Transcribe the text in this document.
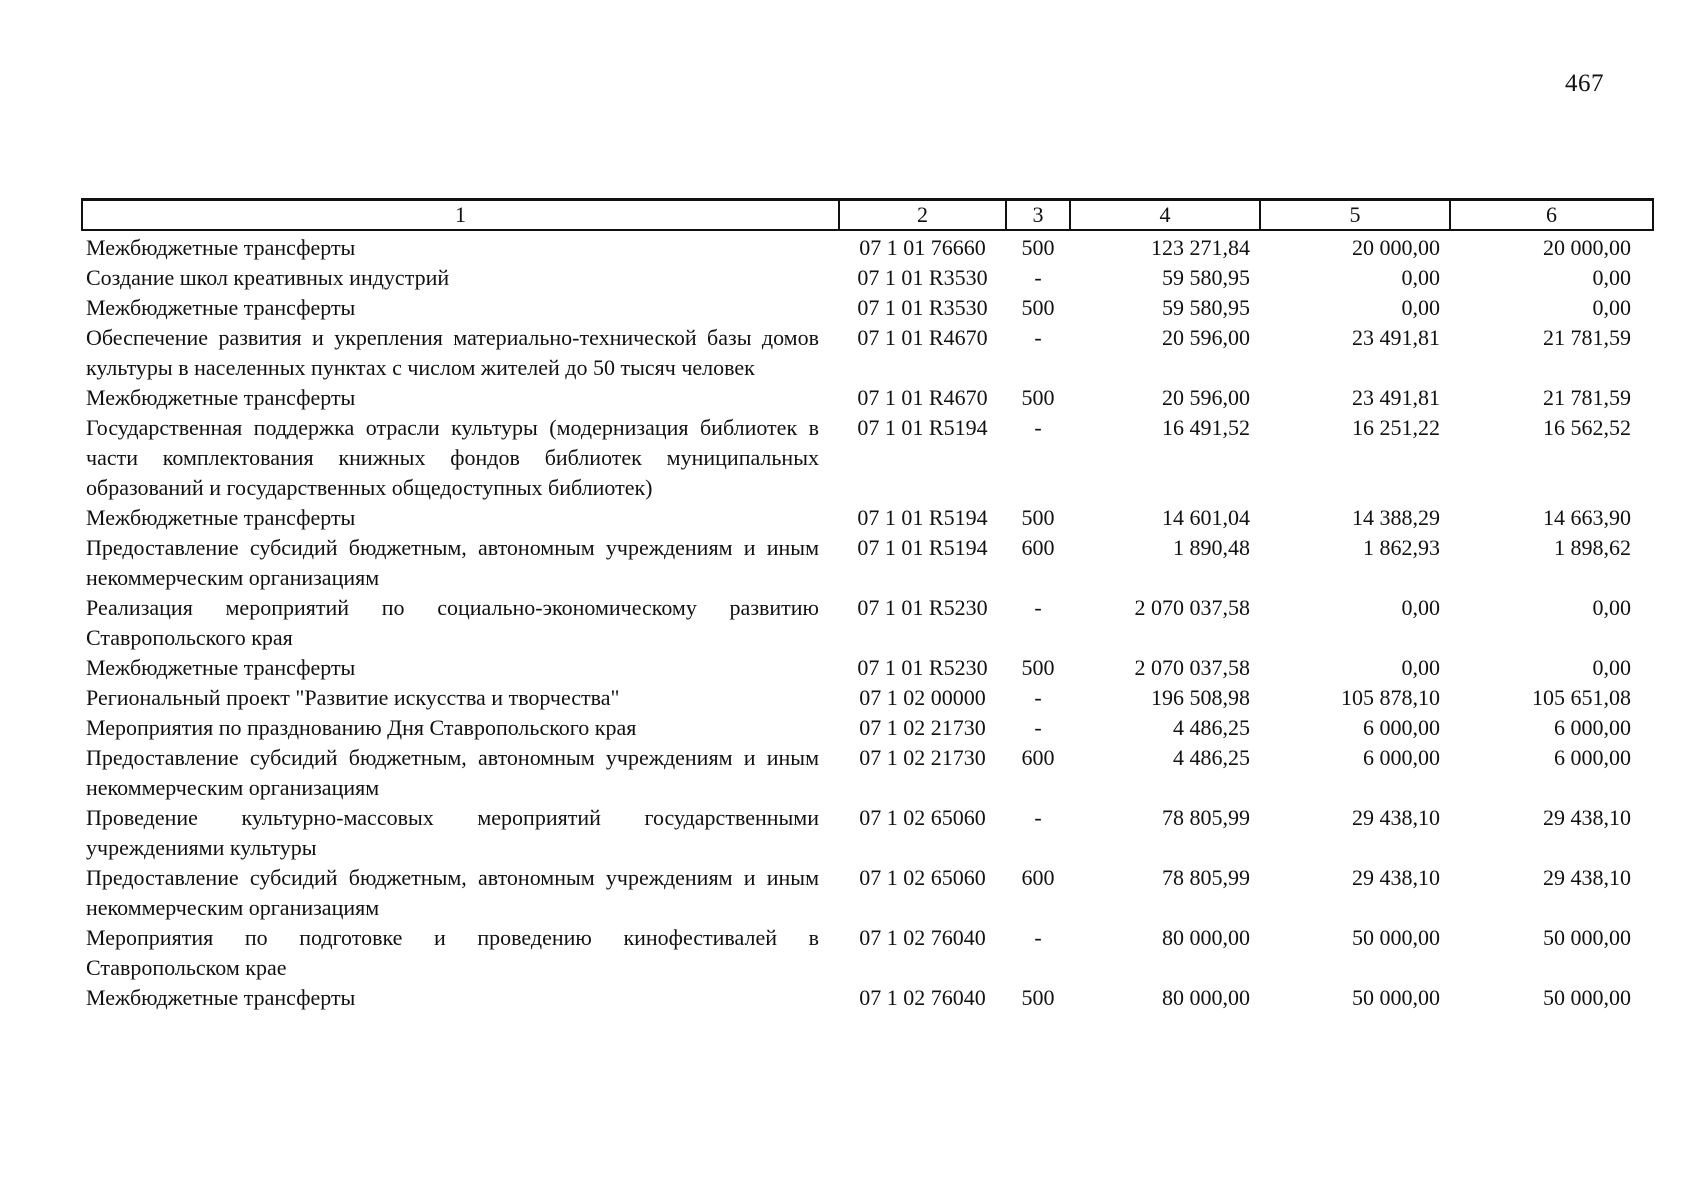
467
1	2	3	4	5	6
Межбюджетные трансферты	07 1 01 76660	500	123 271,84	20 000,00	20 000,00
Создание школ креативных индустрий	07 1 01 R3530	-	59 580,95	0,00	0,00
Межбюджетные трансферты	07 1 01 R3530	500	59 580,95	0,00	0,00
Обеспечение развития и укрепления материально-технической базы домов культуры в населенных пунктах с числом жителей до 50 тысяч человек	07 1 01 R4670	-	20 596,00	23 491,81	21 781,59
Межбюджетные трансферты	07 1 01 R4670	500	20 596,00	23 491,81	21 781,59
Государственная поддержка отрасли культуры (модернизация библиотек в части комплектования книжных фондов библиотек муниципальных образований и государственных общедоступных библиотек)	07 1 01 R5194	-	16 491,52	16 251,22	16 562,52
Межбюджетные трансферты	07 1 01 R5194	500	14 601,04	14 388,29	14 663,90
Предоставление субсидий бюджетным, автономным учреждениям и иным некоммерческим организациям	07 1 01 R5194	600	1 890,48	1 862,93	1 898,62
Реализация мероприятий по социально-экономическому развитию Ставропольского края	07 1 01 R5230	-	2 070 037,58	0,00	0,00
Межбюджетные трансферты	07 1 01 R5230	500	2 070 037,58	0,00	0,00
Региональный проект "Развитие искусства и творчества"	07 1 02 00000	-	196 508,98	105 878,10	105 651,08
Мероприятия по празднованию Дня Ставропольского края	07 1 02 21730	-	4 486,25	6 000,00	6 000,00
Предоставление субсидий бюджетным, автономным учреждениям и иным некоммерческим организациям	07 1 02 21730	600	4 486,25	6 000,00	6 000,00
Проведение культурно-массовых мероприятий государственными учреждениями культуры	07 1 02 65060	-	78 805,99	29 438,10	29 438,10
Предоставление субсидий бюджетным, автономным учреждениям и иным некоммерческим организациям	07 1 02 65060	600	78 805,99	29 438,10	29 438,10
Мероприятия по подготовке и проведению кинофестивалей в Ставропольском крае	07 1 02 76040	-	80 000,00	50 000,00	50 000,00
Межбюджетные трансферты	07 1 02 76040	500	80 000,00	50 000,00	50 000,00
